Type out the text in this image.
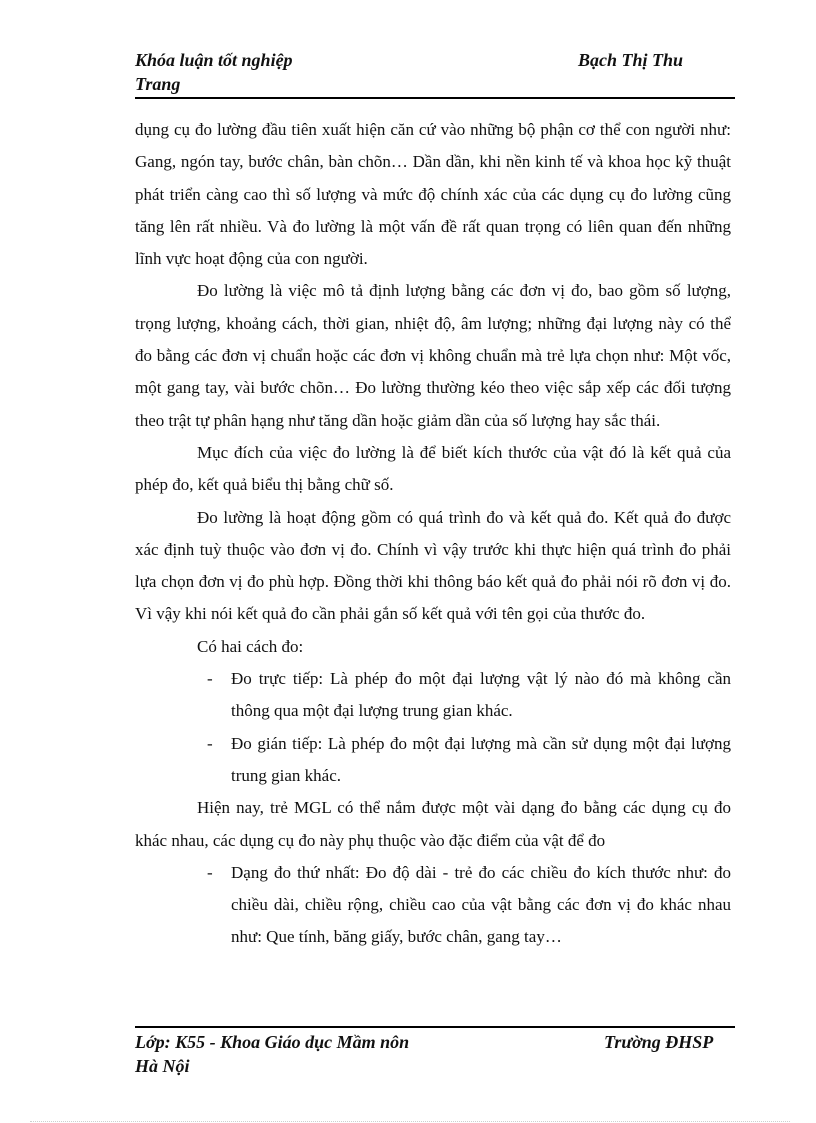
Khóa luận tốt nghiệp	Bạch Thị Thu
Trang

dụng cụ đo lường đầu tiên xuất hiện căn cứ vào những bộ phận cơ thể con người như: Gang, ngón tay, bước chân, bàn chõn… Dần dần, khi nền kinh tế và khoa học kỹ thuật phát triển càng cao thì số lượng và mức độ chính xác của các dụng cụ đo lường cũng tăng lên rất nhiều. Và đo lường là một vấn đề rất quan trọng có liên quan đến những lĩnh vực hoạt động của con người.

Đo lường là việc mô tả định lượng bằng các đơn vị đo, bao gồm số lượng, trọng lượng, khoảng cách, thời gian, nhiệt độ, âm lượng; những đại lượng này có thể đo bằng các đơn vị chuẩn hoặc các đơn vị không chuẩn mà trẻ lựa chọn như: Một vốc, một gang tay, vài bước chõn… Đo lường thường kéo theo việc sắp xếp các đối tượng theo trật tự phân hạng như tăng dần hoặc giảm dần của số lượng hay sắc thái.

Mục đích của việc đo lường là để biết kích thước của vật đó là kết quả của phép đo, kết quả biểu thị bằng chữ số.

Đo lường là hoạt động gồm có quá trình đo và kết quả đo. Kết quả đo được xác định tuỳ thuộc vào đơn vị đo. Chính vì vậy trước khi thực hiện quá trình đo phải lựa chọn đơn vị đo phù hợp. Đồng thời khi thông báo kết quả đo phải nói rõ đơn vị đo. Vì vậy khi nói kết quả đo cần phải gắn số kết quả với tên gọi của thước đo.

Có hai cách đo:

- Đo trực tiếp: Là phép đo một đại lượng vật lý nào đó mà không cần thông qua một đại lượng trung gian khác.
- Đo gián tiếp: Là phép đo một đại lượng mà cần sử dụng một đại lượng trung gian khác.

Hiện nay, trẻ MGL có thể nắm được một vài dạng đo bằng các dụng cụ đo khác nhau, các dụng cụ đo này phụ thuộc vào đặc điểm của vật để đo

- Dạng đo thứ nhất: Đo độ dài - trẻ đo các chiều đo kích thước như: đo chiều dài, chiều rộng, chiều cao của vật bằng các đơn vị đo khác nhau như: Que tính, băng giấy, bước chân, gang tay…
Lớp: K55 - Khoa Giáo dục Mầm nôn	Trường ĐHSP
Hà Nội
